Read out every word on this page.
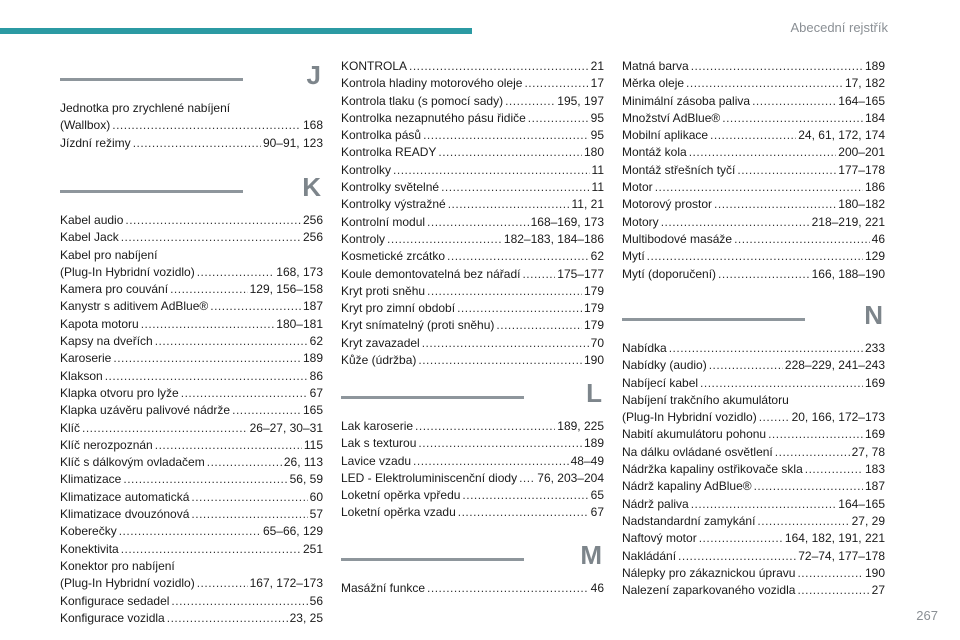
Abecední rejstřík
J
Jednotka pro zrychlené nabíjení
(Wallbox) .....	168
Jízdní režimy .....	90–91, 123
K
Kabel audio .....	256
Kabel Jack .....	256
Kabel pro nabíjení
(Plug-In Hybridní vozidlo) .....	168, 173
Kamera pro couvání .....	129, 156–158
Kanystr s aditivem AdBlue® .....	187
Kapota motoru .....	180–181
Kapsy na dveřích .....	62
Karoserie .....	189
Klakson .....	86
Klapka otvoru pro lyže .....	67
Klapka uzávěru palivové nádrže .....	165
Klíč .....	26–27, 30–31
Klíč nerozpoznán .....	115
Klíč s dálkovým ovladačem .....	26, 113
Klimatizace .....	56, 59
Klimatizace automatická .....	60
Klimatizace dvouzónová .....	57
Koberečky .....	65–66, 129
Konektivita .....	251
Konektor pro nabíjení
(Plug-In Hybridní vozidlo) .....	167, 172–173
Konfigurace sedadel .....	56
Konfigurace vozidla .....	23, 25
KONTROLA .....	21
Kontrola hladiny motorového oleje .....	17
Kontrola tlaku (s pomocí sady) .....	195, 197
Kontrolka nezapnutého pásu řidiče .....	95
Kontrolka pásů .....	95
Kontrolka READY .....	180
Kontrolky .....	11
Kontrolky světelné .....	11
Kontrolky výstražné .....	11, 21
Kontrolní modul .....	168–169, 173
Kontroly .....	182–183, 184–186
Kosmetické zrcátko .....	62
Koule demontovatelná bez nářadí .....	175–177
Kryt proti sněhu .....	179
Kryt pro zimní období .....	179
Kryt snímatelný (proti sněhu) .....	179
Kryt zavazadel .....	70
Kůže (údržba) .....	190
L
Lak karoserie .....	189, 225
Lak s texturou .....	189
Lavice vzadu .....	48–49
LED - Elektroluminiscenční diody ..... 76, 203–204
Loketní opěrka vpředu .....	65
Loketní opěrka vzadu .....	67
M
Masážní funkce .....	46
Matná barva .....	189
Měrka oleje .....	17, 182
Minimální zásoba paliva .....	164–165
Množství AdBlue® .....	184
Mobilní aplikace .....	24, 61, 172, 174
Montáž kola .....	200–201
Montáž střešních tyčí .....	177–178
Motor .....	186
Motorový prostor .....	180–182
Motory .....	218–219, 221
Multibodové masáže .....	46
Mytí .....	129
Mytí (doporučení) .....	166, 188–190
N
Nabídka .....	233
Nabídky (audio) .....	228–229, 241–243
Nabíjecí kabel .....	169
Nabíjení trakčního akumulátoru
(Plug-In Hybridní vozidlo) .....	20, 166, 172–173
Nabití akumulátoru pohonu .....	169
Na dálku ovládané osvětlení .....	27, 78
Nádržka kapaliny ostřikovače skla .....	183
Nádrž kapaliny AdBlue® .....	187
Nádrž paliva .....	164–165
Nadstandardní zamykání .....	27, 29
Naftový motor .....	164, 182, 191, 221
Nakládání .....	72–74, 177–178
Nálepky pro zákaznickou úpravu .....	190
Nalezení zaparkovaného vozidla .....	27
267
